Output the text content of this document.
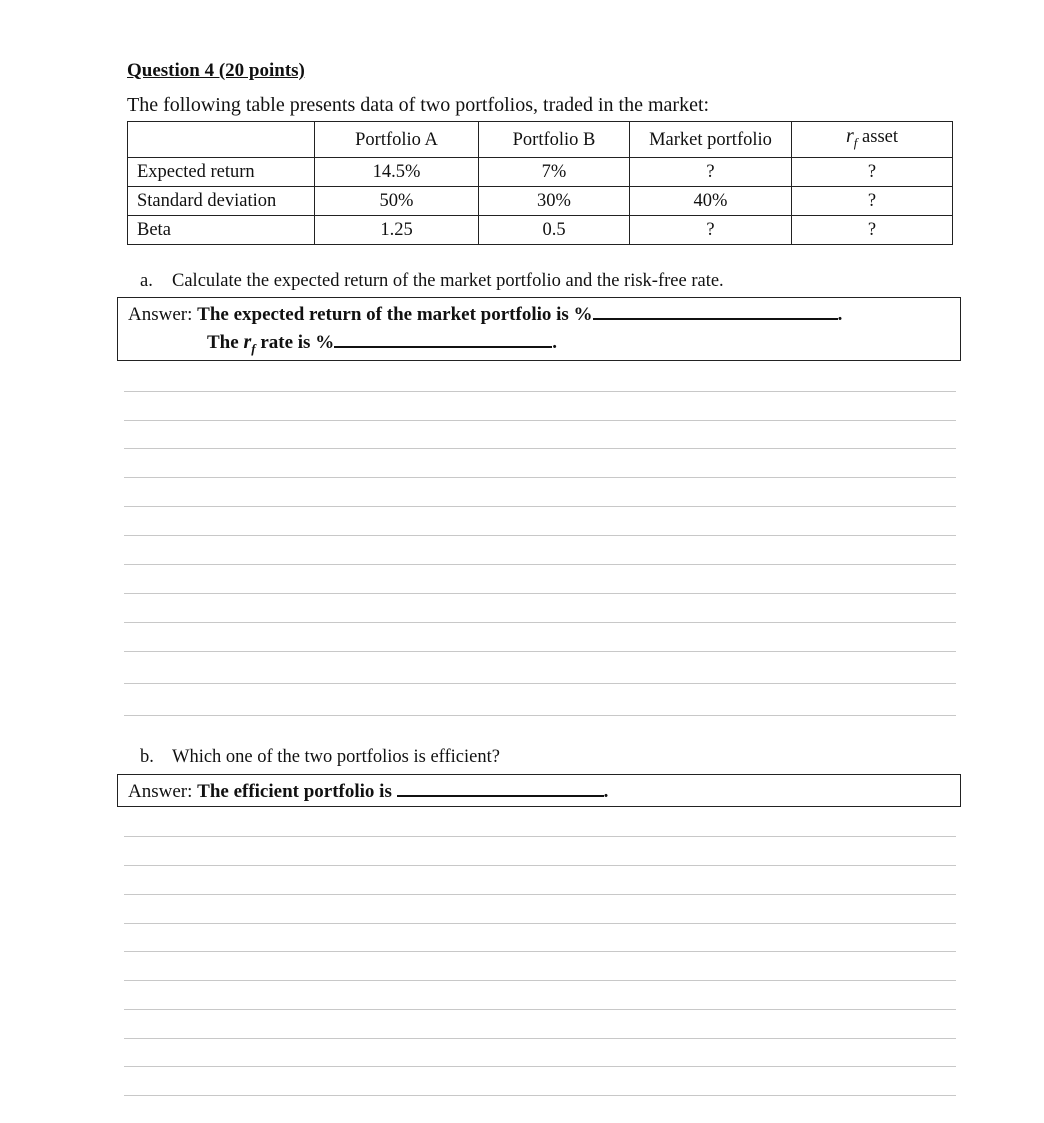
Question 4 (20 points)
The following table presents data of two portfolios, traded in the market:
	Portfolio A	Portfolio B	Market portfolio	$r_f$ asset
Expected return	14.5%	7%	?	?
Standard deviation	50%	30%	40%	?
Beta	1.25	0.5	?	?
a. Calculate the expected return of the market portfolio and the risk-free rate.
Answer: The expected return of the market portfolio is %	.
The $r_f$ rate is %	.
b. Which one of the two portfolios is efficient?
Answer: The efficient portfolio is	.
